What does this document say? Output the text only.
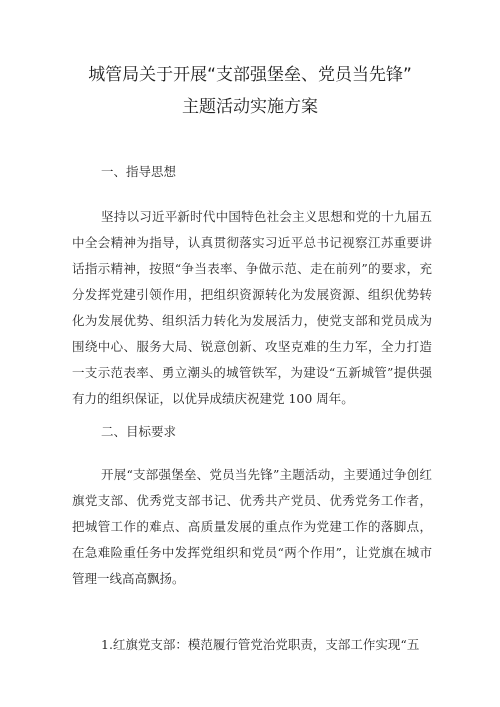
城管局关于开展“支部强堡垒、党员当先锋”
主题活动实施方案
一、指导思想
坚持以习近平新时代中国特色社会主义思想和党的十九届五中全会精神为指导，认真贯彻落实习近平总书记视察江苏重要讲话指示精神，按照“争当表率、争做示范、走在前列”的要求，充分发挥党建引领作用，把组织资源转化为发展资源、组织优势转化为发展优势、组织活力转化为发展活力，使党支部和党员成为围绕中心、服务大局、锐意创新、攻坚克难的生力军，全力打造一支示范表率、勇立潮头的城管铁军，为建设“五新城管”提供强有力的组织保证，以优异成绩庆祝建党 100 周年。
二、目标要求
开展“支部强堡垒、党员当先锋”主题活动，主要通过争创红旗党支部、优秀党支部书记、优秀共产党员、优秀党务工作者，把城管工作的难点、高质量发展的重点作为党建工作的落脚点，在急难险重任务中发挥党组织和党员“两个作用”，让党旗在城市管理一线高高飘扬。
1.红旗党支部：模范履行管党治党职责，支部工作实现“五
